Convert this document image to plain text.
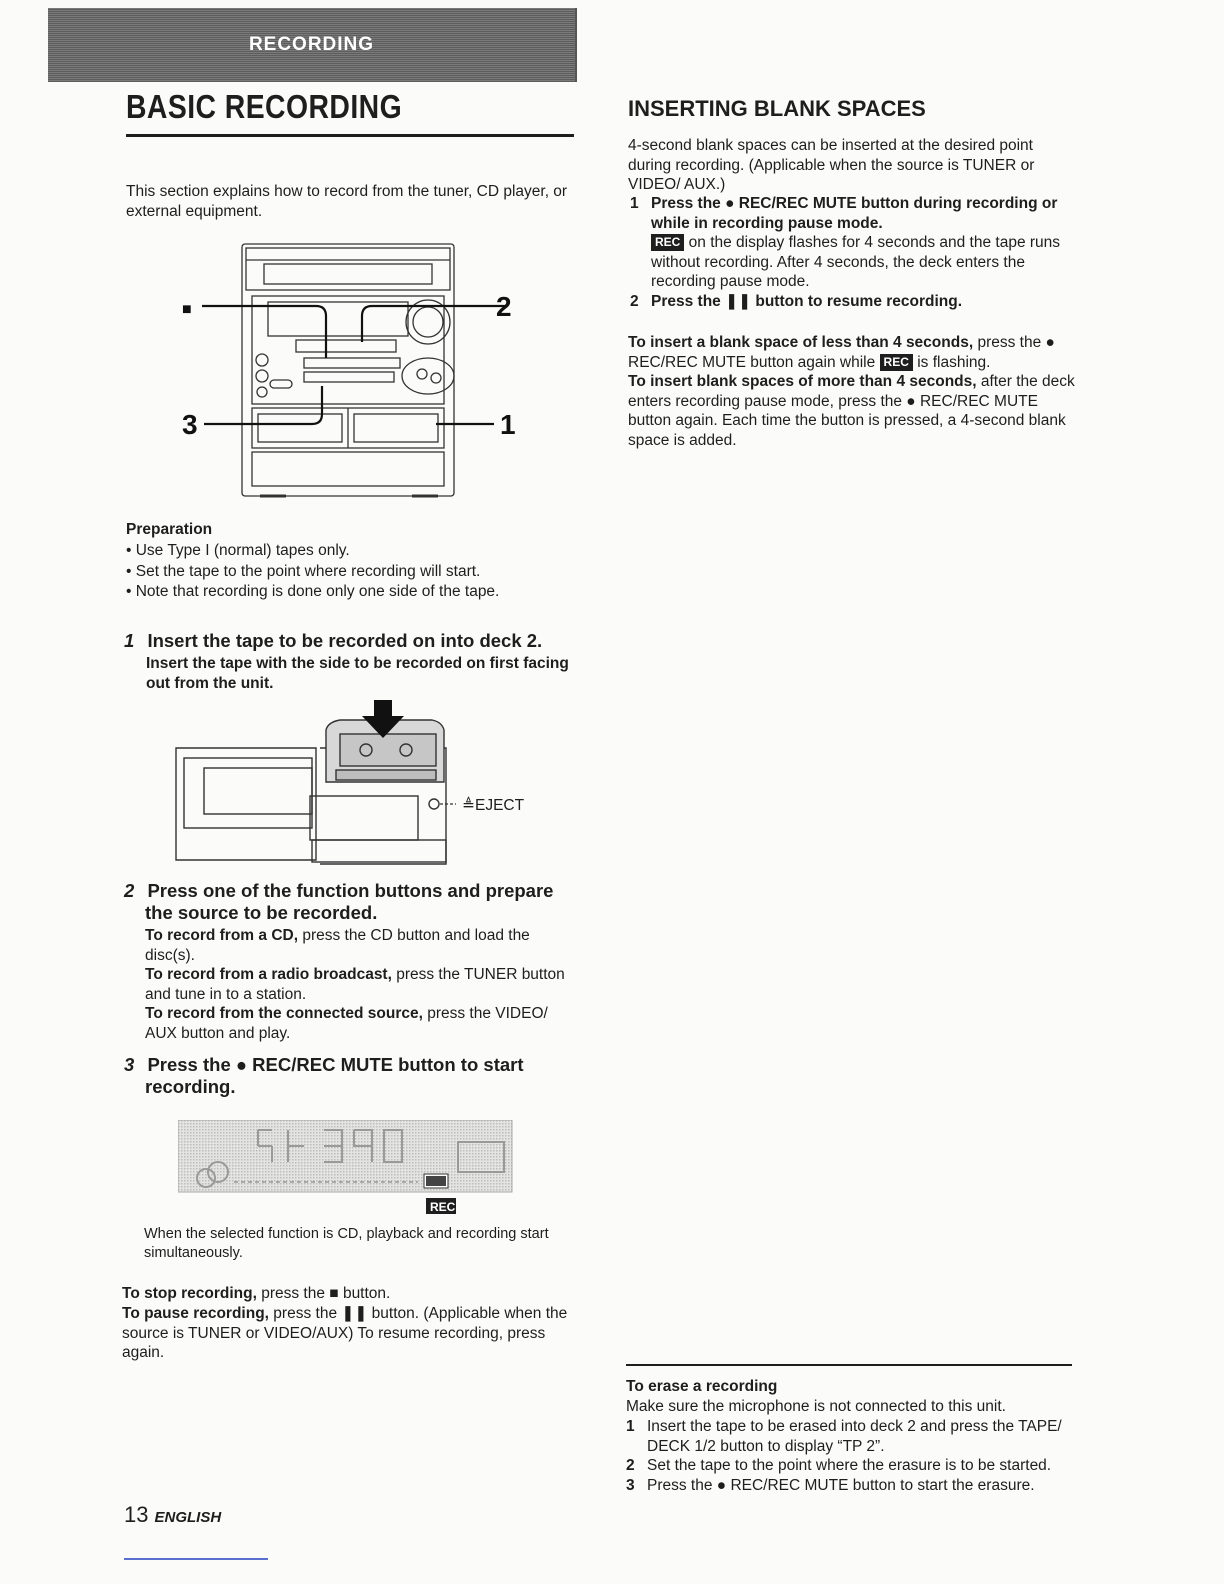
RECORDING
BASIC RECORDING
This section explains how to record from the tuner, CD player, or external equipment.
■	2
3	1
Preparation
• Use Type I (normal) tapes only.
• Set the tape to the point where recording will start.
• Note that recording is done only one side of the tape.
1 Insert the tape to be recorded on into deck 2.
Insert the tape with the side to be recorded on first facing out from the unit.
≜EJECT
2 Press one of the function buttons and prepare
the source to be recorded.
To record from a CD, press the CD button and load the disc(s).
To record from a radio broadcast, press the TUNER button and tune in to a station.
To record from the connected source, press the VIDEO/ AUX button and play.
3 Press the ● REC/REC MUTE button to start
recording.
REC
When the selected function is CD, playback and recording start simultaneously.
To stop recording, press the ■ button.
To pause recording, press the ❚❚ button. (Applicable when the source is TUNER or VIDEO/AUX) To resume recording, press again.
INSERTING BLANK SPACES
4-second blank spaces can be inserted at the desired point during recording. (Applicable when the source is TUNER or VIDEO/ AUX.)
1 Press the ● REC/REC MUTE button during recording or while in recording pause mode.
REC on the display flashes for 4 seconds and the tape runs without recording. After 4 seconds, the deck enters the recording pause mode.
2 Press the ❚❚ button to resume recording.
To insert a blank space of less than 4 seconds, press the ● REC/REC MUTE button again while REC is flashing.
To insert blank spaces of more than 4 seconds, after the deck enters recording pause mode, press the ● REC/REC MUTE button again. Each time the button is pressed, a 4-second blank space is added.
To erase a recording
Make sure the microphone is not connected to this unit.
1 Insert the tape to be erased into deck 2 and press the TAPE/ DECK 1/2 button to display “TP 2”.
2 Set the tape to the point where the erasure is to be started.
3 Press the ● REC/REC MUTE button to start the erasure.
13 ENGLISH
